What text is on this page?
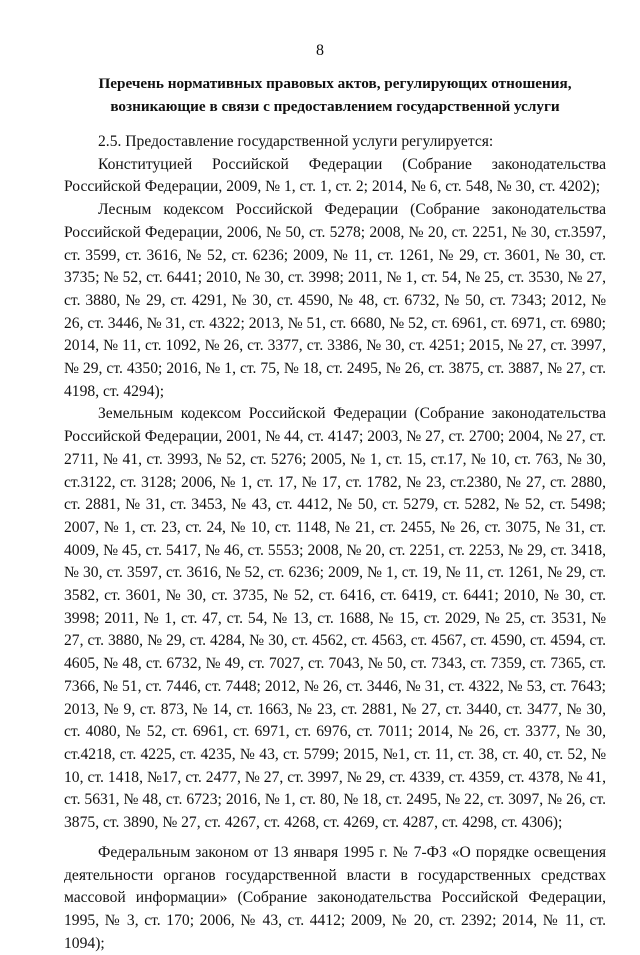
8
Перечень нормативных правовых актов, регулирующих отношения,
возникающие в связи с предоставлением государственной услуги

2.5. Предоставление государственной услуги регулируется:

Конституцией Российской Федерации (Собрание законодательства Российской Федерации, 2009, № 1, ст. 1, ст. 2; 2014, № 6, ст. 548, № 30, ст. 4202);

Лесным кодексом Российской Федерации (Собрание законодательства Российской Федерации, 2006, № 50, ст. 5278; 2008, № 20, ст. 2251, № 30, ст.3597, ст. 3599, ст. 3616, № 52, ст. 6236; 2009, № 11, ст. 1261, № 29, ст. 3601, № 30, ст. 3735; № 52, ст. 6441; 2010, № 30, ст. 3998; 2011, № 1, ст. 54, № 25, ст. 3530, № 27, ст. 3880, № 29, ст. 4291, № 30, ст. 4590, № 48, ст. 6732, № 50, ст. 7343; 2012, № 26, ст. 3446, № 31, ст. 4322; 2013, № 51, ст. 6680, № 52, ст. 6961, ст. 6971, ст. 6980; 2014, № 11, ст. 1092, № 26, ст. 3377, ст. 3386, № 30, ст. 4251; 2015, № 27, ст. 3997, № 29, ст. 4350; 2016, № 1, ст. 75, № 18, ст. 2495, № 26, ст. 3875, ст. 3887, № 27, ст. 4198, ст. 4294);

Земельным кодексом Российской Федерации (Собрание законодательства Российской Федерации, 2001, № 44, ст. 4147; 2003, № 27, ст. 2700; 2004, № 27, ст. 2711, № 41, ст. 3993, № 52, ст. 5276; 2005, № 1, ст. 15, ст.17, № 10, ст. 763, № 30, ст.3122, ст. 3128; 2006, № 1, ст. 17, № 17, ст. 1782, № 23, ст.2380, № 27, ст. 2880, ст. 2881, № 31, ст. 3453, № 43, ст. 4412, № 50, ст. 5279, ст. 5282, № 52, ст. 5498; 2007, № 1, ст. 23, ст. 24, № 10, ст. 1148, № 21, ст. 2455, № 26, ст. 3075, № 31, ст. 4009, № 45, ст. 5417, № 46, ст. 5553; 2008, № 20, ст. 2251, ст. 2253, № 29, ст. 3418, № 30, ст. 3597, ст. 3616, № 52, ст. 6236; 2009, № 1, ст. 19, № 11, ст. 1261, № 29, ст. 3582, ст. 3601, № 30, ст. 3735, № 52, ст. 6416, ст. 6419, ст. 6441; 2010, № 30, ст. 3998; 2011, № 1, ст. 47, ст. 54, № 13, ст. 1688, № 15, ст. 2029, № 25, ст. 3531, № 27, ст. 3880, № 29, ст. 4284, № 30, ст. 4562, ст. 4563, ст. 4567, ст. 4590, ст. 4594, ст. 4605, № 48, ст. 6732, № 49, ст. 7027, ст. 7043, № 50, ст. 7343, ст. 7359, ст. 7365, ст. 7366, № 51, ст. 7446, ст. 7448; 2012, № 26, ст. 3446, № 31, ст. 4322, № 53, ст. 7643; 2013, № 9, ст. 873, № 14, ст. 1663, № 23, ст. 2881, № 27, ст. 3440, ст. 3477, № 30, ст. 4080, № 52, ст. 6961, ст. 6971, ст. 6976, ст. 7011; 2014, № 26, ст. 3377, № 30, ст.4218, ст. 4225, ст. 4235, № 43, ст. 5799; 2015, №1, ст. 11, ст. 38, ст. 40, ст. 52, № 10, ст. 1418, №17, ст. 2477, № 27, ст. 3997, № 29, ст. 4339, ст. 4359, ст. 4378, № 41, ст. 5631, № 48, ст. 6723; 2016, № 1, ст. 80, № 18, ст. 2495, № 22, ст. 3097, № 26, ст. 3875, ст. 3890, № 27, ст. 4267, ст. 4268, ст. 4269, ст. 4287, ст. 4298, ст. 4306);

Федеральным законом от 13 января 1995 г. № 7-ФЗ «О порядке освещения деятельности органов государственной власти в государственных средствах массовой информации» (Собрание законодательства Российской Федерации, 1995, № 3, ст. 170; 2006, № 43, ст. 4412; 2009, № 20, ст. 2392; 2014, № 11, ст. 1094);
